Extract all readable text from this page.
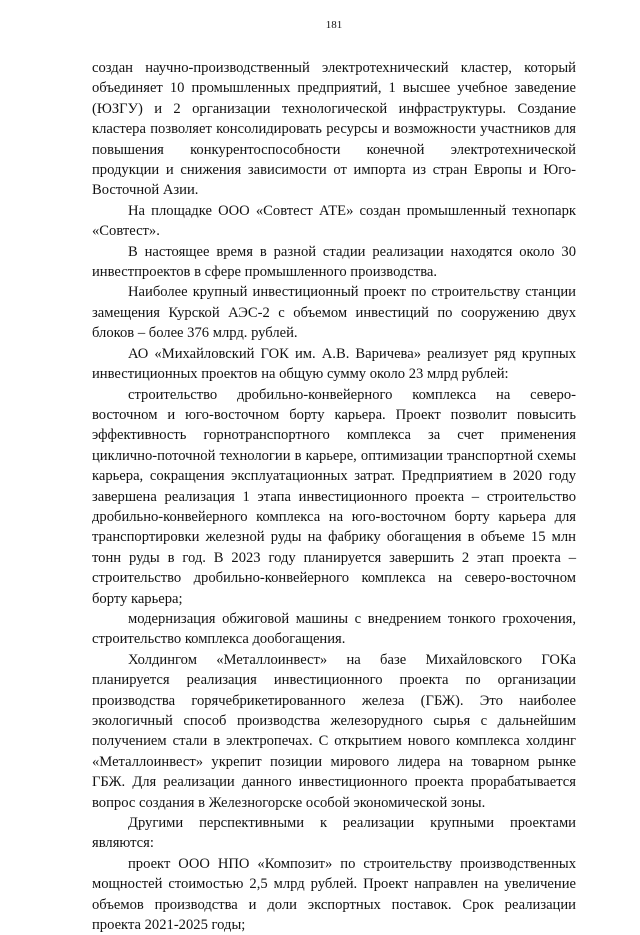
181

создан научно-производственный электротехнический кластер, который объединяет 10 промышленных предприятий, 1 высшее учебное заведение (ЮЗГУ) и 2 организации технологической инфраструктуры. Создание кластера позволяет консолидировать ресурсы и возможности участников для повышения конкурентоспособности конечной электротехнической продукции и снижения зависимости от импорта из стран Европы и Юго-Восточной Азии.

На площадке ООО «Совтест АТЕ» создан промышленный технопарк «Совтест».

В настоящее время в разной стадии реализации находятся около 30 инвестпроектов в сфере промышленного производства.

Наиболее крупный инвестиционный проект по строительству станции замещения Курской АЭС-2 с объемом инвестиций по сооружению двух блоков – более 376 млрд. рублей.

АО «Михайловский ГОК им. А.В. Варичева» реализует ряд крупных инвестиционных проектов на общую сумму около 23 млрд рублей:

строительство дробильно-конвейерного комплекса на северо-восточном и юго-восточном борту карьера. Проект позволит повысить эффективность горнотранспортного комплекса за счет применения циклично-поточной технологии в карьере, оптимизации транспортной схемы карьера, сокращения эксплуатационных затрат. Предприятием в 2020 году завершена реализация 1 этапа инвестиционного проекта – строительство дробильно-конвейерного комплекса на юго-восточном борту карьера для транспортировки железной руды на фабрику обогащения в объеме 15 млн тонн руды в год. В 2023 году планируется завершить 2 этап проекта – строительство дробильно-конвейерного комплекса на северо-восточном борту карьера;

модернизация обжиговой машины с внедрением тонкого грохочения, строительство комплекса дообогащения.

Холдингом «Металлоинвест» на базе Михайловского ГОКа планируется реализация инвестиционного проекта по организации производства горячебрикетированного железа (ГБЖ). Это наиболее экологичный способ производства железорудного сырья с дальнейшим получением стали в электропечах. С открытием нового комплекса холдинг «Металлоинвест» укрепит позиции мирового лидера на товарном рынке ГБЖ. Для реализации данного инвестиционного проекта прорабатывается вопрос создания в Железногорске особой экономической зоны.

Другими перспективными к реализации крупными проектами являются:

проект ООО НПО «Композит» по строительству производственных мощностей стоимостью 2,5 млрд рублей. Проект направлен на увеличение объемов производства и доли экспортных поставок. Срок реализации проекта 2021-2025 годы;
